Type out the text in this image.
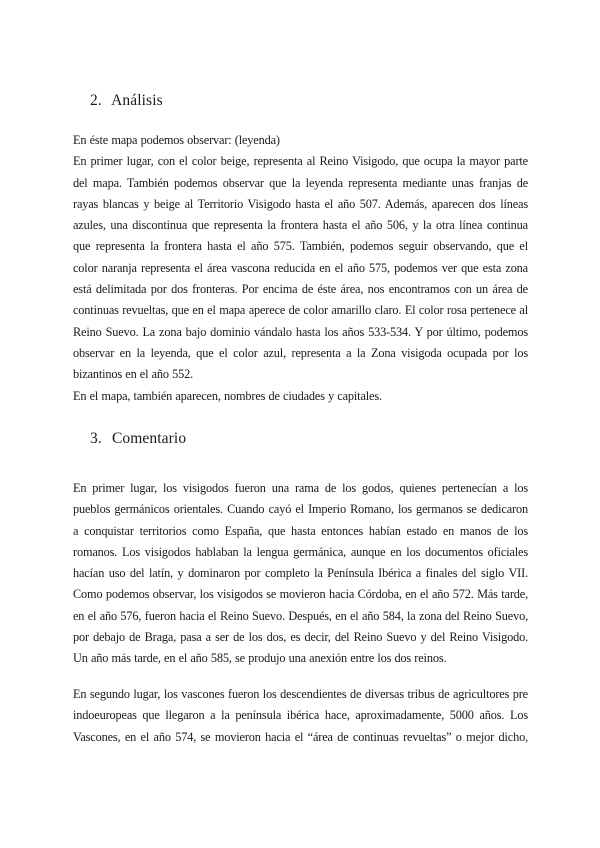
2. Análisis
En éste mapa podemos observar: (leyenda)
En primer lugar, con el color beige, representa al Reino Visigodo, que ocupa la mayor parte
del mapa. También podemos observar que la leyenda representa mediante unas franjas de
rayas blancas y beige al Territorio Visigodo hasta el año 507. Además, aparecen dos líneas
azules, una discontinua que representa la frontera hasta el año 506, y la otra línea continua
que representa la frontera hasta el año 575. También, podemos seguir observando, que el
color naranja representa el área vascona reducida en el año 575, podemos ver que esta zona
está delimitada por dos fronteras. Por encima de éste área, nos encontramos con un área de
continuas revueltas, que en el mapa aperece de color amarillo claro. El color rosa pertenece al
Reino Suevo. La zona bajo dominio vándalo hasta los años 533-534. Y por último, podemos
observar en la leyenda, que el color azul, representa a la Zona visigoda ocupada por los
bizantinos en el año 552.
En el mapa, también aparecen, nombres de ciudades y capitales.
3. Comentario
En primer lugar, los visigodos fueron una rama de los godos, quienes pertenecían a los
pueblos germánicos orientales. Cuando cayó el Imperio Romano, los germanos se dedicaron
a conquistar territorios como España, que hasta entonces habían estado en manos de los
romanos. Los visigodos hablaban la lengua germánica, aunque en los documentos oficiales
hacían uso del latín, y dominaron por completo la Península Ibérica a finales del siglo VII.
Como podemos observar, los visigodos se movieron hacia Córdoba, en el año 572. Más tarde,
en el año 576, fueron hacia el Reino Suevo. Después, en el año 584, la zona del Reino Suevo,
por debajo de Braga, pasa a ser de los dos, es decir, del Reino Suevo y del Reino Visigodo.
Un año más tarde, en el año 585, se produjo una anexión entre los dos reinos.
En segundo lugar, los vascones fueron los descendientes de diversas tribus de agricultores pre
indoeuropeas que llegaron a la península ibérica hace, aproximadamente, 5000 años. Los
Vascones, en el año 574, se movieron hacia el “área de continuas revueltas” o mejor dicho,
